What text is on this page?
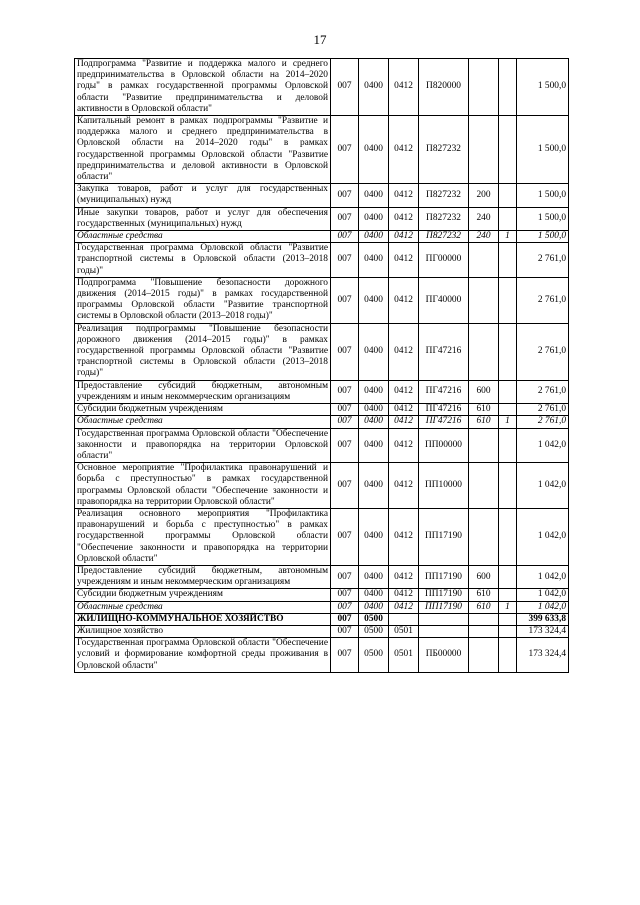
17
Подпрограмма "Развитие и поддержка малого и среднего предпринимательства в Орловской области на 2014–2020 годы" в рамках государственной программы Орловской области "Развитие предпринимательства и деловой активности в Орловской области"	007	0400	0412	П820000			1 500,0
Капитальный ремонт в рамках подпрограммы "Развитие и поддержка малого и среднего предпринимательства в Орловской области на 2014–2020 годы" в рамках государственной программы Орловской области "Развитие предпринимательства и деловой активности в Орловской области"	007	0400	0412	П827232			1 500,0
Закупка товаров, работ и услуг для государственных (муниципальных) нужд	007	0400	0412	П827232	200		1 500,0
Иные закупки товаров, работ и услуг для обеспечения государственных (муниципальных) нужд	007	0400	0412	П827232	240		1 500,0
Областные средства	007	0400	0412	П827232	240	1	1 500,0
Государственная программа Орловской области "Развитие транспортной системы в Орловской области (2013–2018 годы)"	007	0400	0412	ПГ00000			2 761,0
Подпрограмма "Повышение безопасности дорожного движения (2014–2015 годы)" в рамках государственной программы Орловской области "Развитие транспортной системы в Орловской области (2013–2018 годы)"	007	0400	0412	ПГ40000			2 761,0
Реализация подпрограммы "Повышение безопасности дорожного движения (2014–2015 годы)" в рамках государственной программы Орловской области "Развитие транспортной системы в Орловской области (2013–2018 годы)"	007	0400	0412	ПГ47216			2 761,0
Предоставление субсидий бюджетным, автономным учреждениям и иным некоммерческим организациям	007	0400	0412	ПГ47216	600		2 761,0
Субсидии бюджетным учреждениям	007	0400	0412	ПГ47216	610		2 761,0
Областные средства	007	0400	0412	ПГ47216	610	1	2 761,0
Государственная программа Орловской области "Обеспечение законности и правопорядка на территории Орловской области"	007	0400	0412	ПП00000			1 042,0
Основное мероприятие "Профилактика правонарушений и борьба с преступностью" в рамках государственной программы Орловской области "Обеспечение законности и правопорядка на территории Орловской области"	007	0400	0412	ПП10000			1 042,0
Реализация основного мероприятия "Профилактика правонарушений и борьба с преступностью" в рамках государственной программы Орловской области "Обеспечение законности и правопорядка на территории Орловской области"	007	0400	0412	ПП17190			1 042,0
Предоставление субсидий бюджетным, автономным учреждениям и иным некоммерческим организациям	007	0400	0412	ПП17190	600		1 042,0
Субсидии бюджетным учреждениям	007	0400	0412	ПП17190	610		1 042,0
Областные средства	007	0400	0412	ПП17190	610	1	1 042,0
ЖИЛИЩНО-КОММУНАЛЬНОЕ ХОЗЯЙСТВО	007	0500					399 633,8
Жилищное хозяйство	007	0500	0501				173 324,4
Государственная программа Орловской области "Обеспечение условий и формирование комфортной среды проживания в Орловской области"	007	0500	0501	ПБ00000			173 324,4
